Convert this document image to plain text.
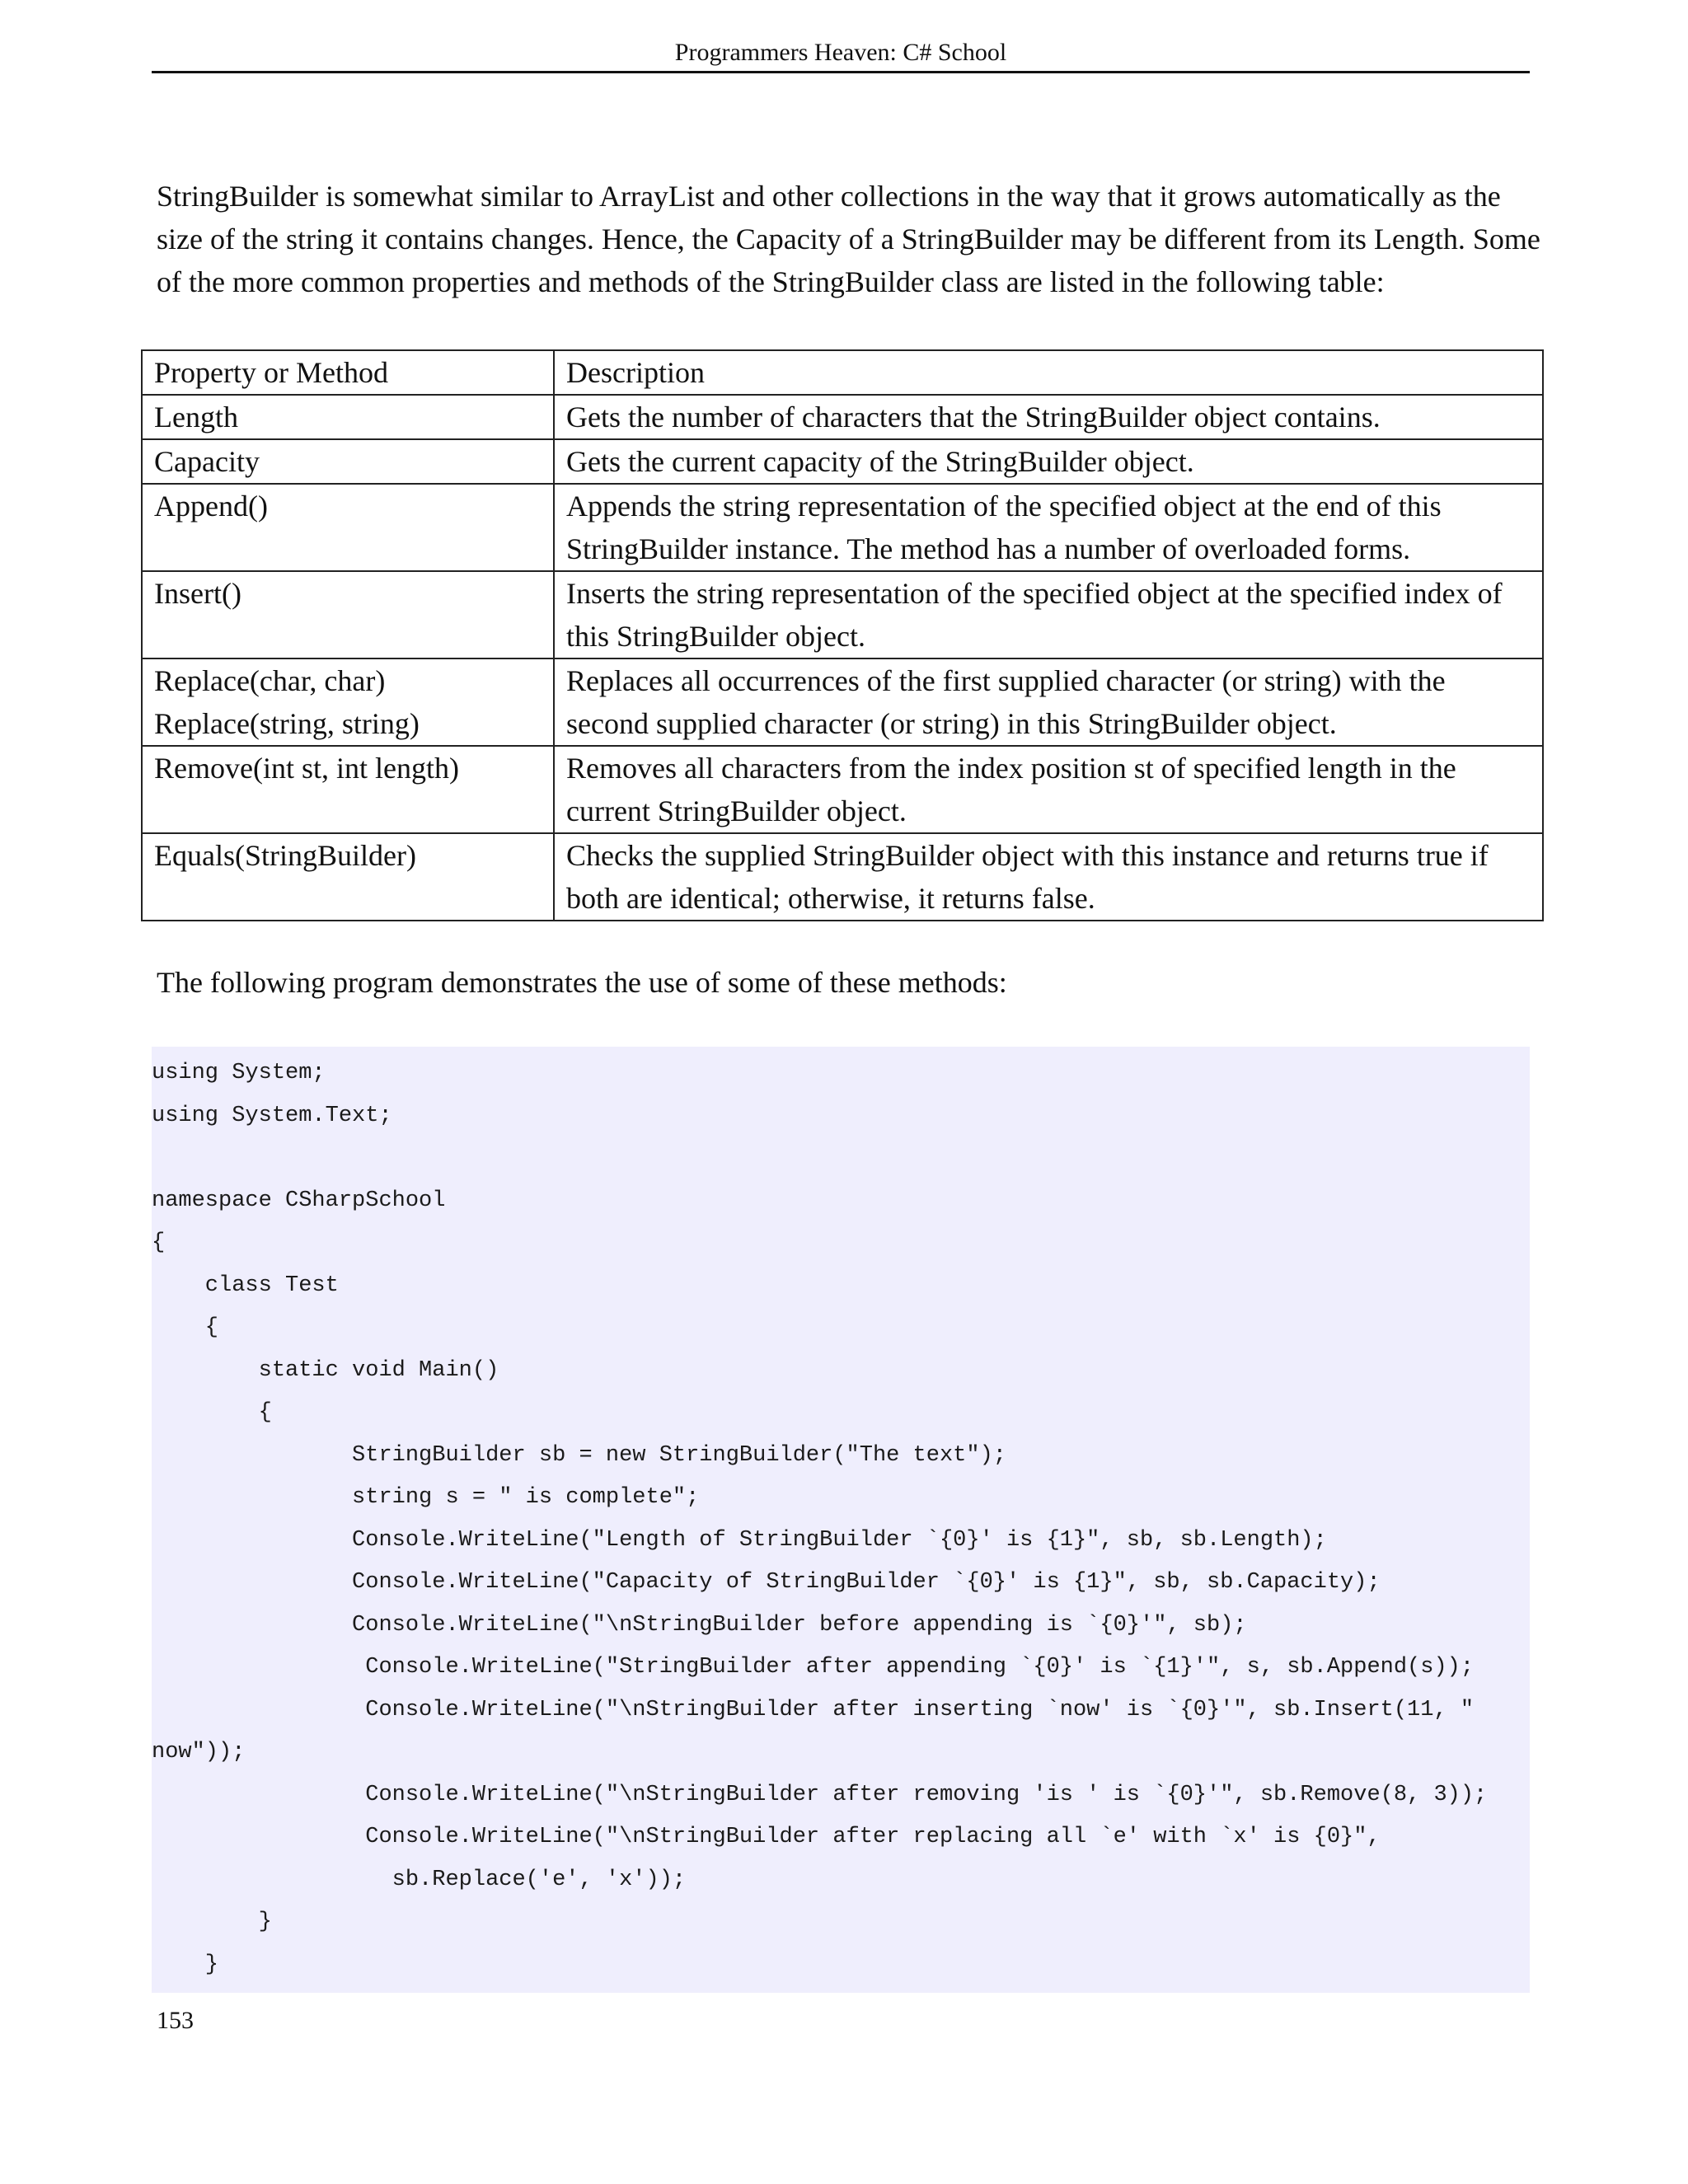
Programmers Heaven: C# School

StringBuilder is somewhat similar to ArrayList and other collections in the way that it grows automatically as the size of the string it contains changes. Hence, the Capacity of a StringBuilder may be different from its Length. Some of the more common properties and methods of the StringBuilder class are listed in the following table:

Property or Method	Description
Length	Gets the number of characters that the StringBuilder object contains.
Capacity	Gets the current capacity of the StringBuilder object.
Append()	Appends the string representation of the specified object at the end of this StringBuilder instance. The method has a number of overloaded forms.
Insert()	Inserts the string representation of the specified object at the specified index of this StringBuilder object.
Replace(char, char)
Replace(string, string)	Replaces all occurrences of the first supplied character (or string) with the second supplied character (or string) in this StringBuilder object.
Remove(int st, int length)	Removes all characters from the index position st of specified length in the current StringBuilder object.
Equals(StringBuilder)	Checks the supplied StringBuilder object with this instance and returns true if both are identical; otherwise, it returns false.

The following program demonstrates the use of some of these methods:

using System;
using System.Text;
namespace CSharpSchool
{
class Test
{
static void Main()
{
StringBuilder sb = new StringBuilder("The text");
string s = " is complete";
Console.WriteLine("Length of StringBuilder `{0}' is {1}", sb, sb.Length);
Console.WriteLine("Capacity of StringBuilder `{0}' is {1}", sb, sb.Capacity);
Console.WriteLine("\nStringBuilder before appending is `{0}'", sb);
Console.WriteLine("StringBuilder after appending `{0}' is `{1}'", s, sb.Append(s));
Console.WriteLine("\nStringBuilder after inserting `now' is `{0}'", sb.Insert(11, "
now"));
Console.WriteLine("\nStringBuilder after removing 'is ' is `{0}'", sb.Remove(8, 3));
Console.WriteLine("\nStringBuilder after replacing all `e' with `x' is {0}",
sb.Replace('e', 'x'));
}
}
153
